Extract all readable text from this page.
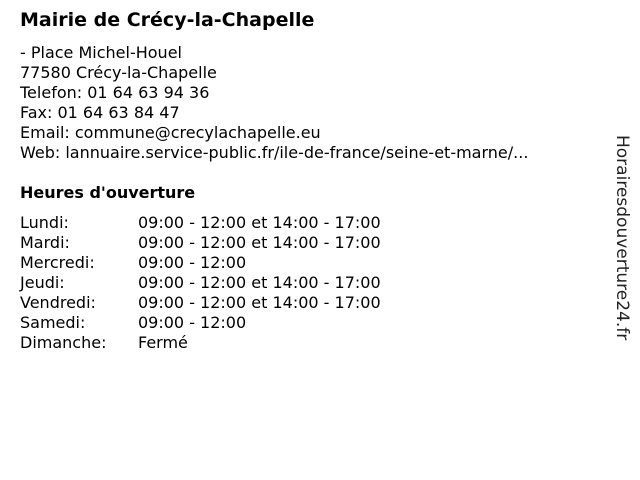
Mairie de Crécy-la-Chapelle
- Place Michel-Houel
77580 Crécy-la-Chapelle
Telefon: 01 64 63 94 36
Fax: 01 64 63 84 47
Email: commune@crecylachapelle.eu
Web: lannuaire.service-public.fr/ile-de-france/seine-et-marne/...
Heures d'ouverture
Lundi:	09:00 - 12:00 et 14:00 - 17:00
Mardi:	09:00 - 12:00 et 14:00 - 17:00
Mercredi:	09:00 - 12:00
Jeudi:	09:00 - 12:00 et 14:00 - 17:00
Vendredi:	09:00 - 12:00 et 14:00 - 17:00
Samedi:	09:00 - 12:00
Dimanche: Fermé
Horairesdouverture24.fr
